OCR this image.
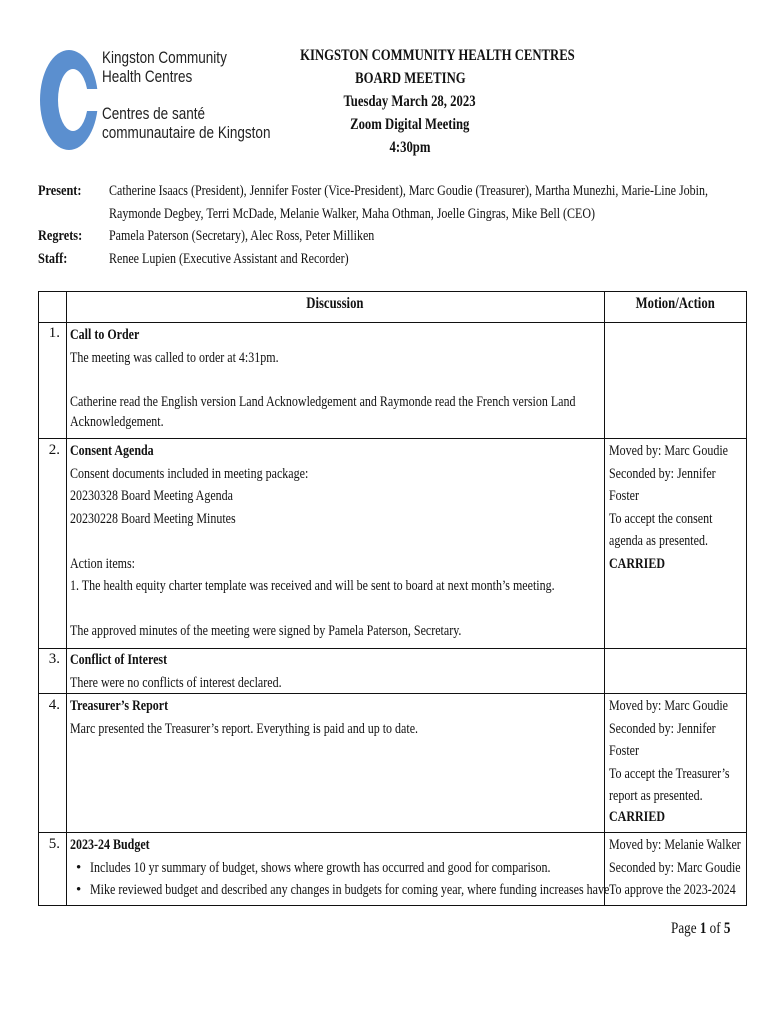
Kingston Community
Health Centres
Centres de santé
communautaire de Kingston
KINGSTON COMMUNITY HEALTH CENTRES
BOARD MEETING
Tuesday March 28, 2023
Zoom Digital Meeting
4:30pm
Present: Catherine Isaacs (President), Jennifer Foster (Vice-President), Marc Goudie (Treasurer), Martha Munezhi, Marie-Line Jobin,
Raymonde Degbey, Terri McDade, Melanie Walker, Maha Othman, Joelle Gingras, Mike Bell (CEO)
Regrets: Pamela Paterson (Secretary), Alec Ross, Peter Milliken
Staff:	Renee Lupien (Executive Assistant and Recorder)
Discussion	Motion/Action
1. Call to Order
The meeting was called to order at 4:31pm.
Catherine read the English version Land Acknowledgement and Raymonde read the French version Land
Acknowledgement.
2. Consent Agenda
Consent documents included in meeting package:
20230328 Board Meeting Agenda
20230228 Board Meeting Minutes
Action items:
1. The health equity charter template was received and will be sent to board at next month’s meeting.
The approved minutes of the meeting were signed by Pamela Paterson, Secretary.
Moved by: Marc Goudie
Seconded by: Jennifer
Foster
To accept the consent
agenda as presented.
CARRIED
3. Conflict of Interest
There were no conflicts of interest declared.
4. Treasurer’s Report
Marc presented the Treasurer’s report. Everything is paid and up to date.
Moved by: Marc Goudie
Seconded by: Jennifer
Foster
To accept the Treasurer’s
report as presented.
CARRIED
5. 2023-24 Budget
• Includes 10 yr summary of budget, shows where growth has occurred and good for comparison.
• Mike reviewed budget and described any changes in budgets for coming year, where funding increases have
Moved by: Melanie Walker
Seconded by: Marc Goudie
To approve the 2023-2024
Page 1 of 5
